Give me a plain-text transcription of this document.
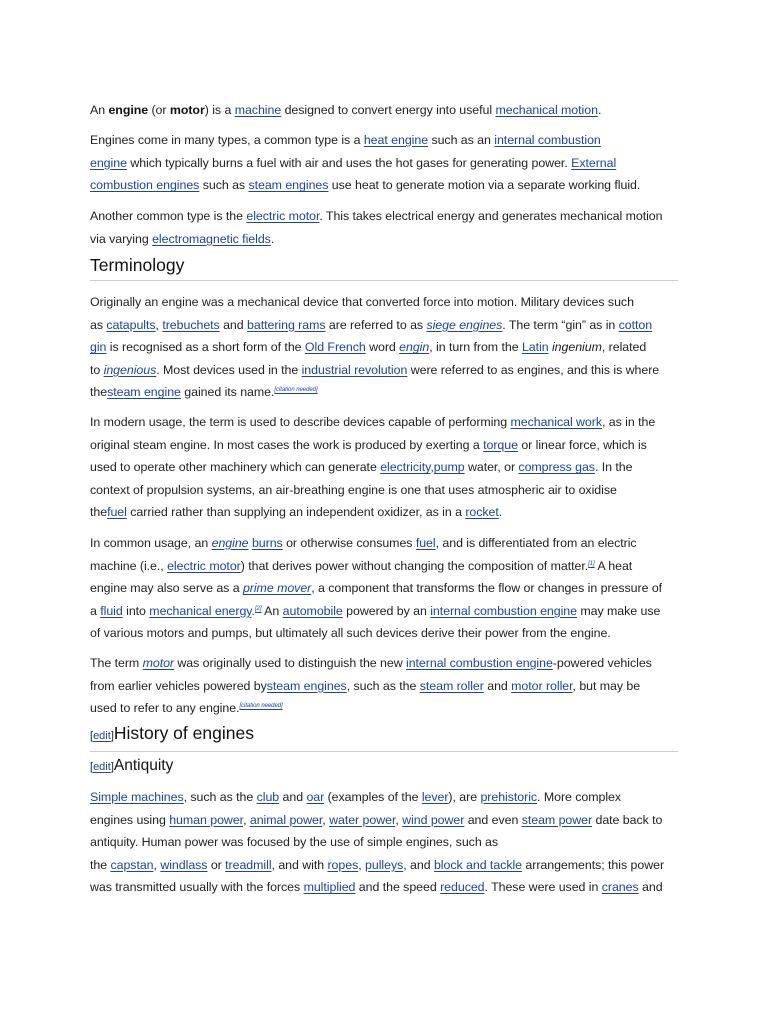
An engine (or motor) is a machine designed to convert energy into useful mechanical motion.

Engines come in many types, a common type is a heat engine such as an internal combustion
engine which typically burns a fuel with air and uses the hot gases for generating power. External
combustion engines such as steam engines use heat to generate motion via a separate working fluid.

Another common type is the electric motor. This takes electrical energy and generates mechanical motion
via varying electromagnetic fields.

Terminology

Originally an engine was a mechanical device that converted force into motion. Military devices such
as catapults, trebuchets and battering rams are referred to as siege engines. The term “gin” as in cotton
gin is recognised as a short form of the Old French word engin, in turn from the Latin ingenium, related
to ingenious. Most devices used in the industrial revolution were referred to as engines, and this is where
thesteam engine gained its name.[citation needed]

In modern usage, the term is used to describe devices capable of performing mechanical work, as in the
original steam engine. In most cases the work is produced by exerting a torque or linear force, which is
used to operate other machinery which can generate electricity,pump water, or compress gas. In the
context of propulsion systems, an air-breathing engine is one that uses atmospheric air to oxidise
thefuel carried rather than supplying an independent oxidizer, as in a rocket.

In common usage, an engine burns or otherwise consumes fuel, and is differentiated from an electric
machine (i.e., electric motor) that derives power without changing the composition of matter.[1] A heat
engine may also serve as a prime mover, a component that transforms the flow or changes in pressure of
a fluid into mechanical energy.[2] An automobile powered by an internal combustion engine may make use
of various motors and pumps, but ultimately all such devices derive their power from the engine.

The term motor was originally used to distinguish the new internal combustion engine-powered vehicles
from earlier vehicles powered bysteam engines, such as the steam roller and motor roller, but may be
used to refer to any engine.[citation needed]

[edit]History of engines
[edit]Antiquity

Simple machines, such as the club and oar (examples of the lever), are prehistoric. More complex
engines using human power, animal power, water power, wind power and even steam power date back to
antiquity. Human power was focused by the use of simple engines, such as
the capstan, windlass or treadmill, and with ropes, pulleys, and block and tackle arrangements; this power
was transmitted usually with the forces multiplied and the speed reduced. These were used in cranes and
